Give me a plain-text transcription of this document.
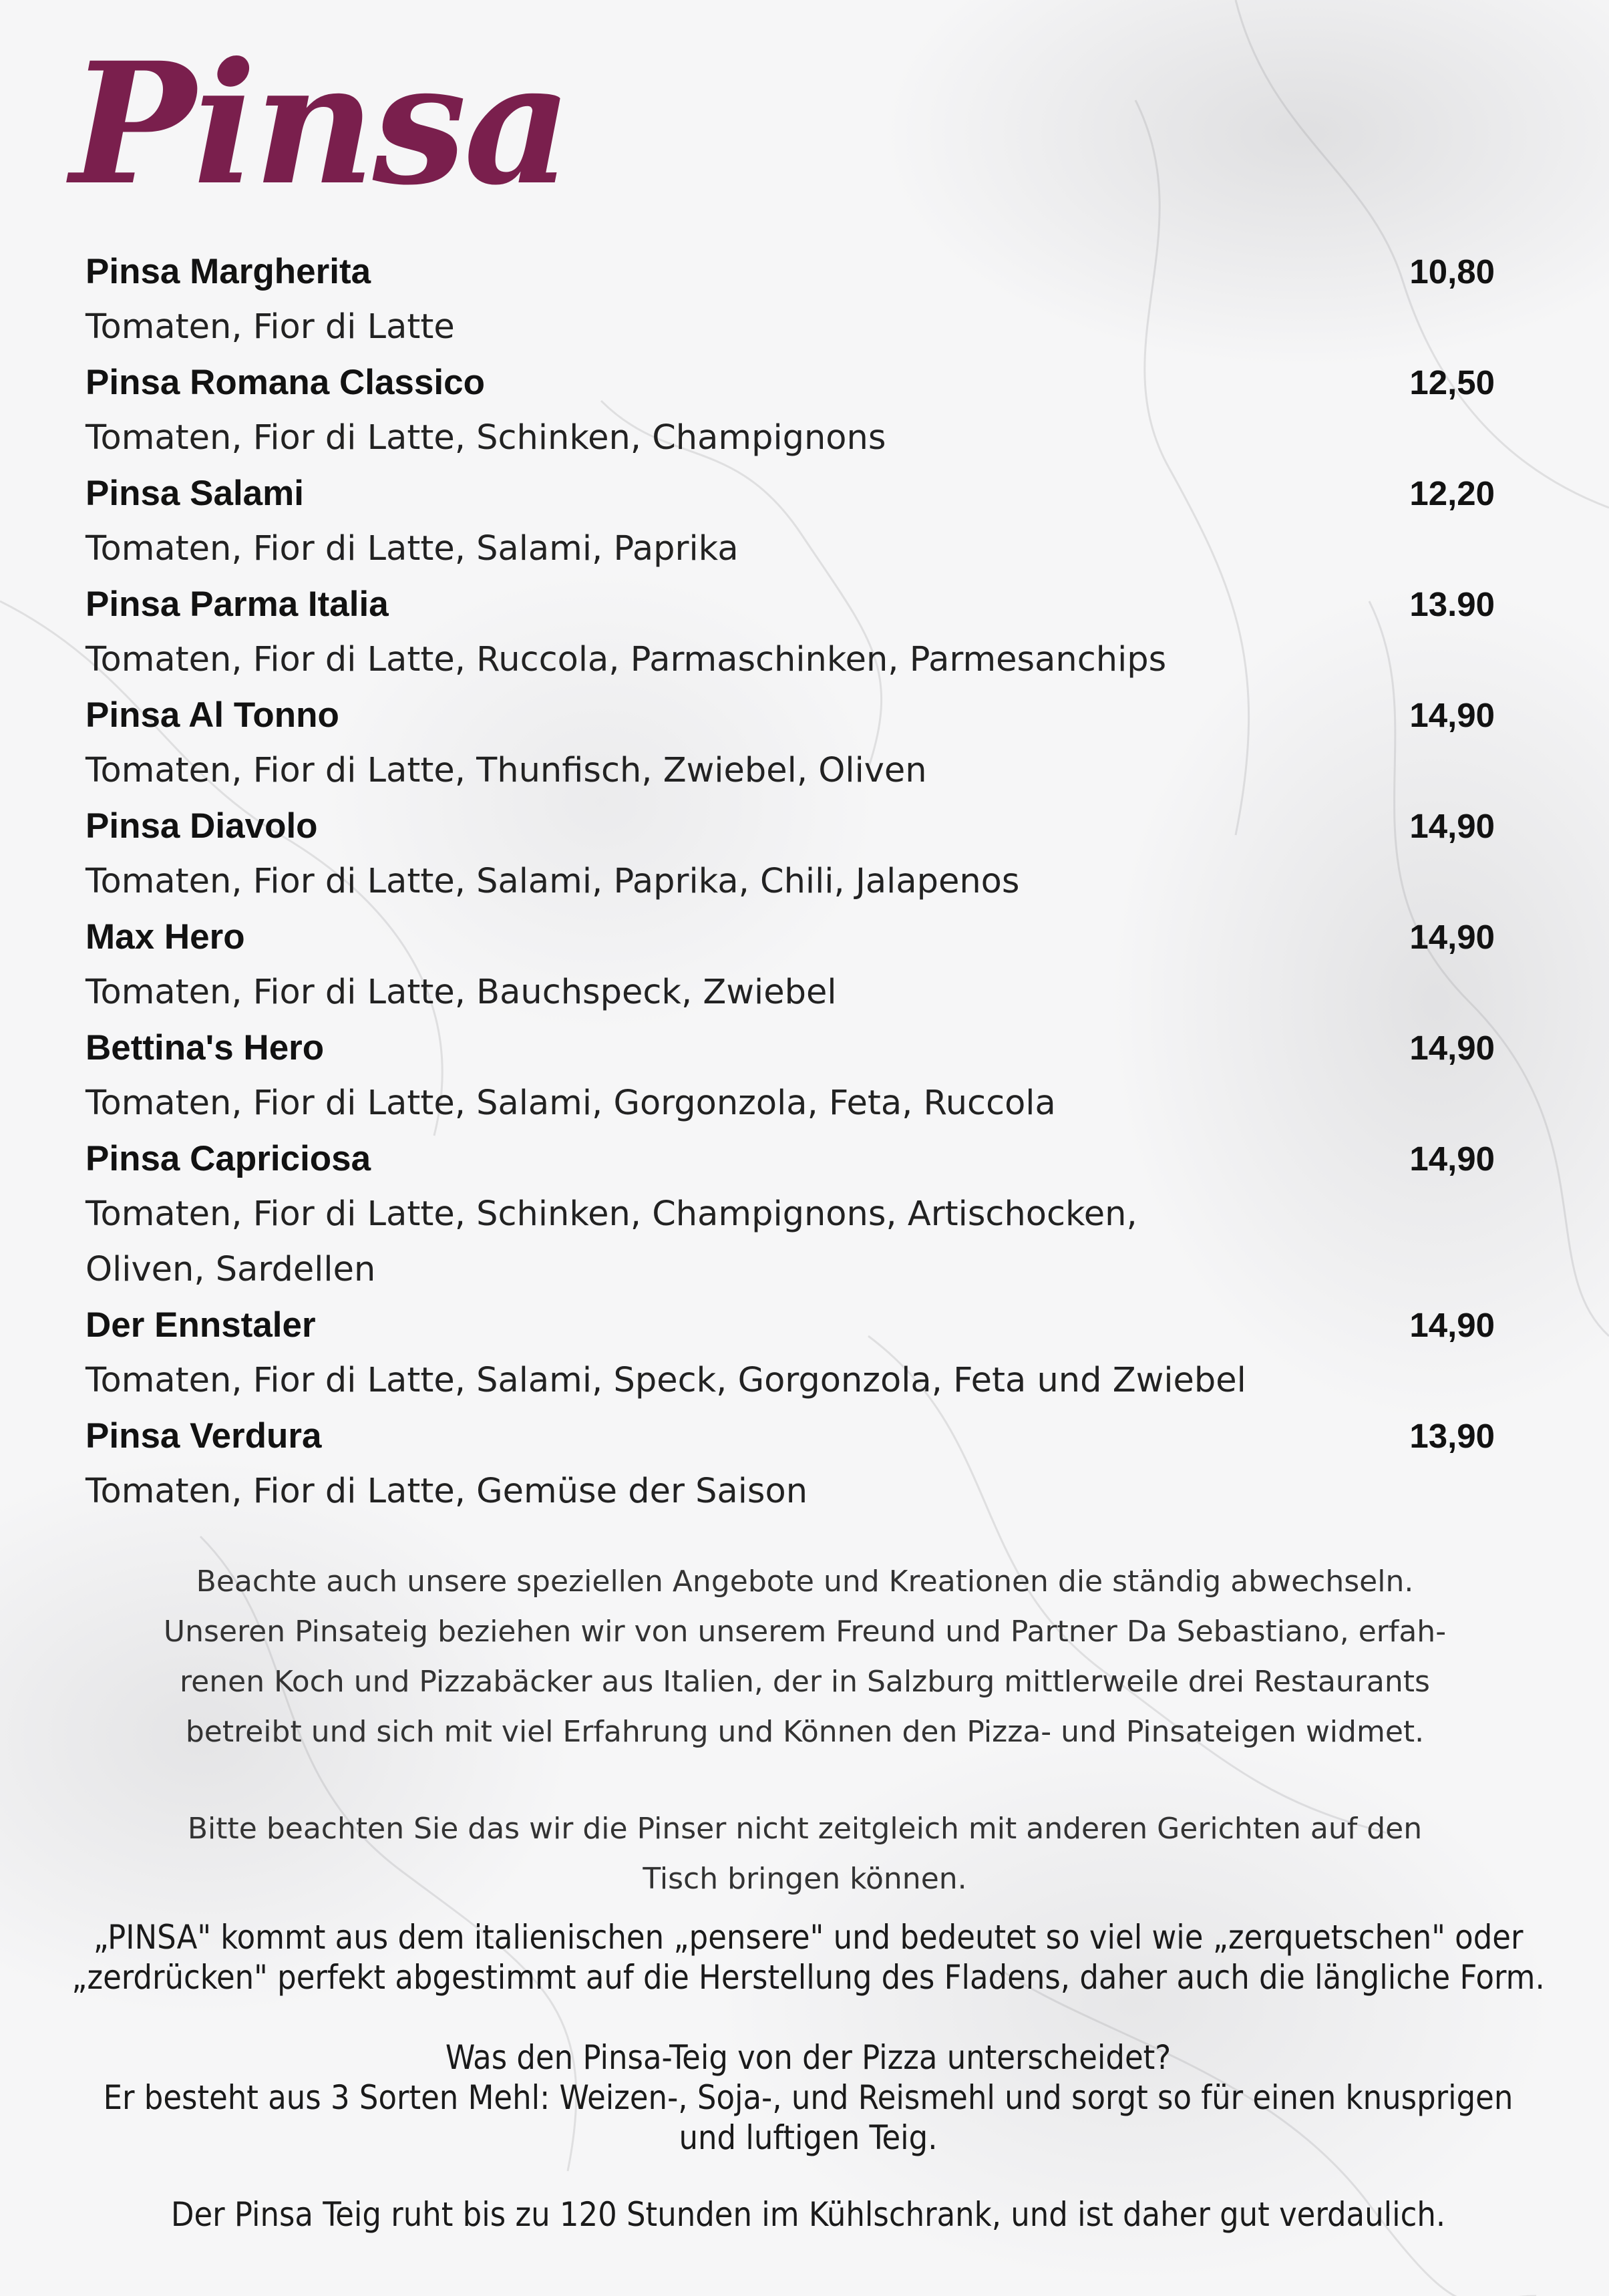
Pinsa
Pinsa Margherita	10,80
Tomaten, Fior di Latte
Pinsa Romana Classico	12,50
Tomaten, Fior di Latte, Schinken, Champignons
Pinsa Salami	12,20
Tomaten, Fior di Latte, Salami, Paprika
Pinsa Parma Italia	13.90
Tomaten, Fior di Latte, Ruccola, Parmaschinken, Parmesanchips
Pinsa Al Tonno	14,90
Tomaten, Fior di Latte, Thunfisch, Zwiebel, Oliven
Pinsa Diavolo	14,90
Tomaten, Fior di Latte, Salami, Paprika, Chili, Jalapenos
Max Hero	14,90
Tomaten, Fior di Latte, Bauchspeck, Zwiebel
Bettina's Hero	14,90
Tomaten, Fior di Latte, Salami, Gorgonzola, Feta, Ruccola
Pinsa Capriciosa	14,90
Tomaten, Fior di Latte, Schinken, Champignons, Artischocken,
Oliven, Sardellen
Der Ennstaler	14,90
Tomaten, Fior di Latte, Salami, Speck, Gorgonzola, Feta und Zwiebel
Pinsa Verdura	13,90
Tomaten, Fior di Latte, Gemüse der Saison

Beachte auch unsere speziellen Angebote und Kreationen die ständig abwechseln.

Unseren Pinsateig beziehen wir von unserem Freund und Partner Da Sebastiano, erfah-

renen Koch und Pizzabäcker aus Italien, der in Salzburg mittlerweile drei Restaurants

betreibt und sich mit viel Erfahrung und Können den Pizza- und Pinsateigen widmet.

Bitte beachten Sie das wir die Pinser nicht zeitgleich mit anderen Gerichten auf den

Tisch bringen können.

„PINSA" kommt aus dem italienischen „pensere" und bedeutet so viel wie „zerquetschen" oder

„zerdrücken" perfekt abgestimmt auf die Herstellung des Fladens, daher auch die längliche Form.

Was den Pinsa-Teig von der Pizza unterscheidet?

Er besteht aus 3 Sorten Mehl: Weizen-, Soja-, und Reismehl und sorgt so für einen knusprigen

und luftigen Teig.

Der Pinsa Teig ruht bis zu 120 Stunden im Kühlschrank, und ist daher gut verdaulich.
